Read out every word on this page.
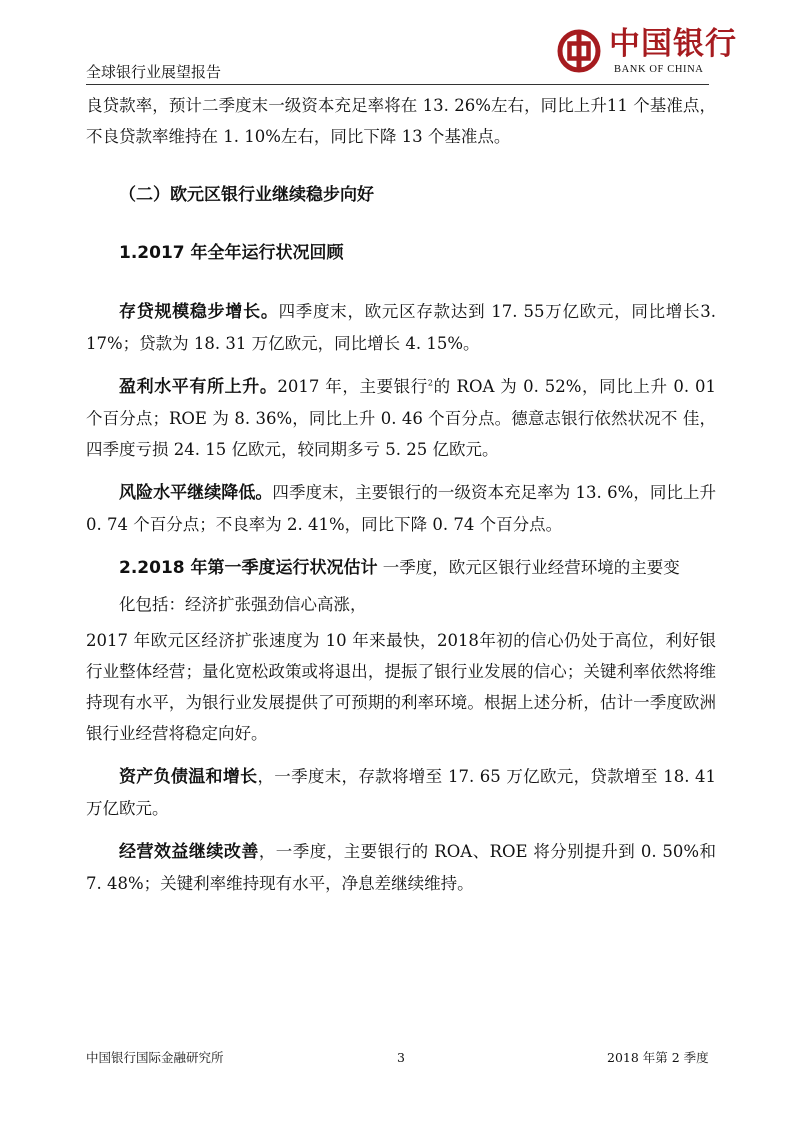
中国银行
BANK OF CHINA
全球银行业展望报告

良贷款率，预计二季度末一级资本充足率将在 13. 26%左右，同比上升11 个基准点，不良贷款率维持在 1. 10%左右，同比下降 13 个基准点。

（二）欧元区银行业继续稳步向好
1.2017 年全年运行状况回顾

存贷规模稳步增长。四季度末，欧元区存款达到 17. 55万亿欧元，同比增长3. 17%；贷款为 18. 31 万亿欧元，同比增长 4. 15%。

盈利水平有所上升。2017 年，主要银行$^2$的 ROA 为 0. 52%，同比上升 0. 01 个百分点；ROE 为 8. 36%，同比上升 0. 46 个百分点。德意志银行依然状况不 佳，四季度亏损 24. 15 亿欧元，较同期多亏 5. 25 亿欧元。

风险水平继续降低。四季度末，主要银行的一级资本充足率为 13. 6%，同比上升 0. 74 个百分点；不良率为 2. 41%，同比下降 0. 74 个百分点。

2.2018 年第一季度运行状况估计 一季度，欧元区银行业经营环境的主要变

化包括：经济扩张强劲信心高涨，

2017 年欧元区经济扩张速度为 10 年来最快，2018年初的信心仍处于高位，利好银行业整体经营；量化宽松政策或将退出，提振了银行业发展的信心；关键利率依然将维持现有水平，为银行业发展提供了可预期的利率环境。根据上述分析，估计一季度欧洲银行业经营将稳定向好。

资产负债温和增长，一季度末，存款将增至 17. 65 万亿欧元，贷款增至 18. 41 万亿欧元。

经营效益继续改善，一季度，主要银行的 ROA、ROE 将分别提升到 0. 50%和 7. 48%；关键利率维持现有水平，净息差继续维持。

中国银行国际金融研究所	3	2018 年第 2 季度
